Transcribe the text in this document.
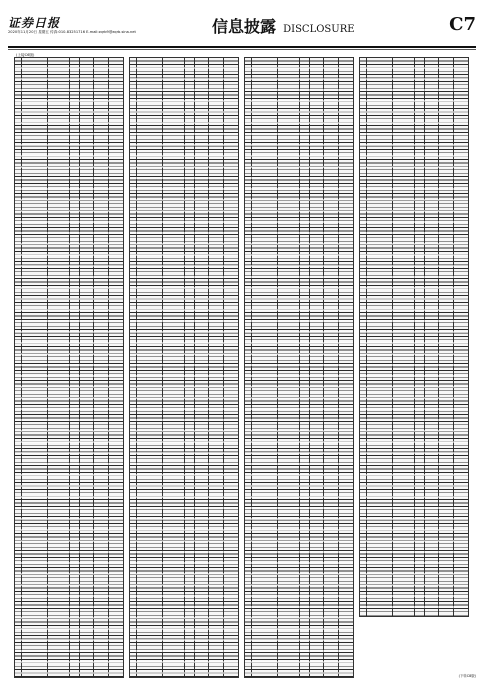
证券日报
2020年11月20日 星期五 传真:010-83251716 E-mail:zqrb9@zqrb.sina.net	信息披露 DISCLOSURE	C7
(上接C6版)
(下转C8版)
